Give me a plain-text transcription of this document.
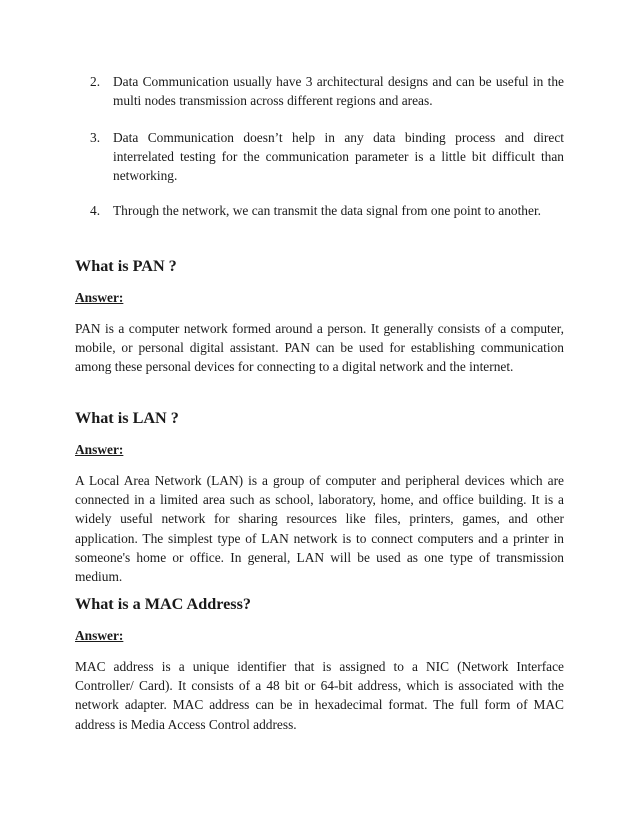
2. Data Communication usually have 3 architectural designs and can be useful in the multi nodes transmission across different regions and areas.
3. Data Communication doesn’t help in any data binding process and direct interrelated testing for the communication parameter is a little bit difficult than networking.
4. Through the network, we can transmit the data signal from one point to another.
What is PAN ?
Answer:

PAN is a computer network formed around a person. It generally consists of a computer, mobile, or personal digital assistant. PAN can be used for establishing communication among these personal devices for connecting to a digital network and the internet.

What is LAN ?
Answer:

A Local Area Network (LAN) is a group of computer and peripheral devices which are connected in a limited area such as school, laboratory, home, and office building. It is a widely useful network for sharing resources like files, printers, games, and other application. The simplest type of LAN network is to connect computers and a printer in someone's home or office. In general, LAN will be used as one type of transmission medium.

What is a MAC Address?
Answer:

MAC address is a unique identifier that is assigned to a NIC (Network Interface Controller/ Card). It consists of a 48 bit or 64-bit address, which is associated with the network adapter. MAC address can be in hexadecimal format. The full form of MAC address is Media Access Control address.
